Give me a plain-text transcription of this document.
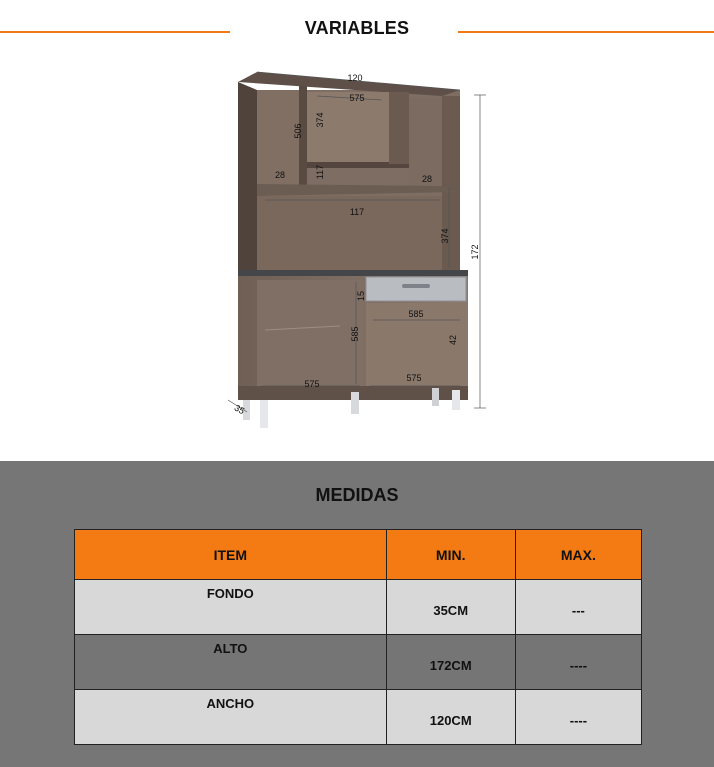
VARIABLES
120
172
35
575
506
374
117
28	28
117
374
15
585
585	42
575
575
MEDIDAS
ITEM	MIN.	MAX.
FONDO	35CM	---
ALTO	172CM	----
ANCHO	120CM	----
